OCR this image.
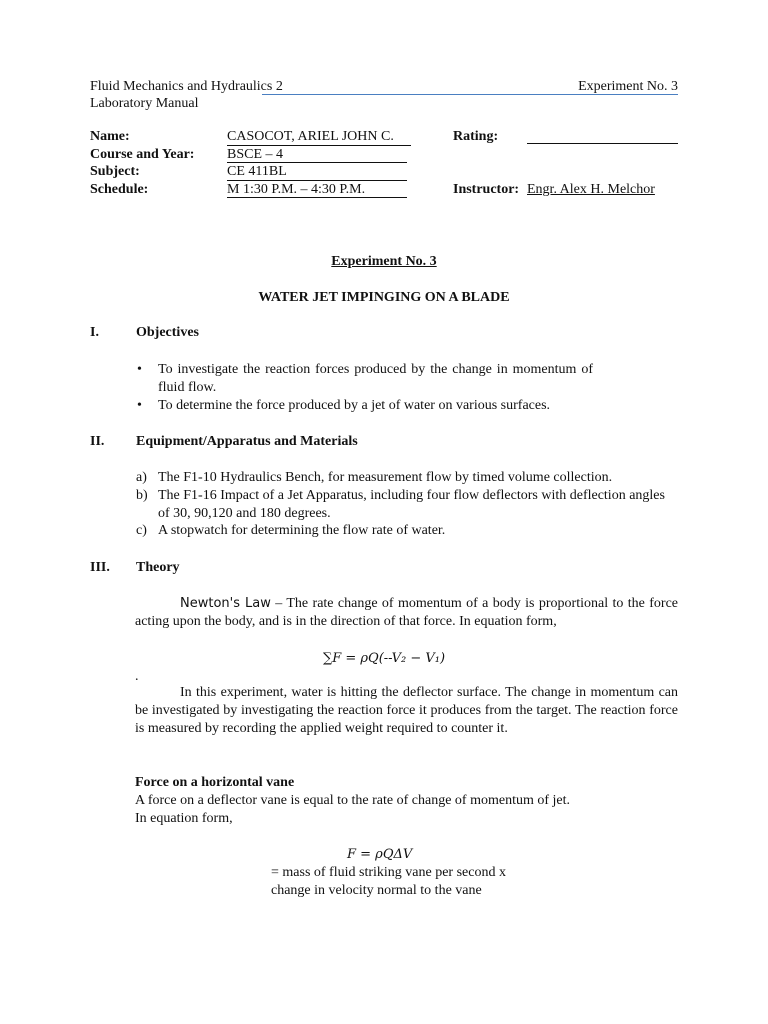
Fluid Mechanics and Hydraulics 2
Laboratory Manual
Experiment No. 3
Name:	CASOCOT, ARIEL JOHN C.	Rating:
Course and Year: BSCE – 4
Subject:	CE 411BL
Schedule:	M 1:30 P.M. – 4:30 P.M.	Instructor: Engr. Alex H. Melchor
Experiment No. 3
WATER JET IMPINGING ON A BLADE
I.	Objectives
• To investigate the reaction forces produced by the change in momentum of fluid flow.
• To determine the force produced by a jet of water on various surfaces.
II. Equipment/Apparatus and Materials
a) The F1-10 Hydraulics Bench, for measurement flow by timed volume collection.
b) The F1-16 Impact of a Jet Apparatus, including four flow deflectors with deflection angles of 30, 90,120 and 180 degrees.
c) A stopwatch for determining the flow rate of water.
III. Theory
Newton's Law – The rate change of momentum of a body is proportional to the force acting upon the body, and is in the direction of that force. In equation form,
∑F = ρQ(--V₂ − V₁)
.
In this experiment, water is hitting the deflector surface. The change in momentum can be investigated by investigating the reaction force it produces from the target. The reaction force is measured by recording the applied weight required to counter it.
Force on a horizontal vane
A force on a deflector vane is equal to the rate of change of momentum of jet.
In equation form,
F = ρQΔV
= mass of fluid striking vane per second x
change in velocity normal to the vane
